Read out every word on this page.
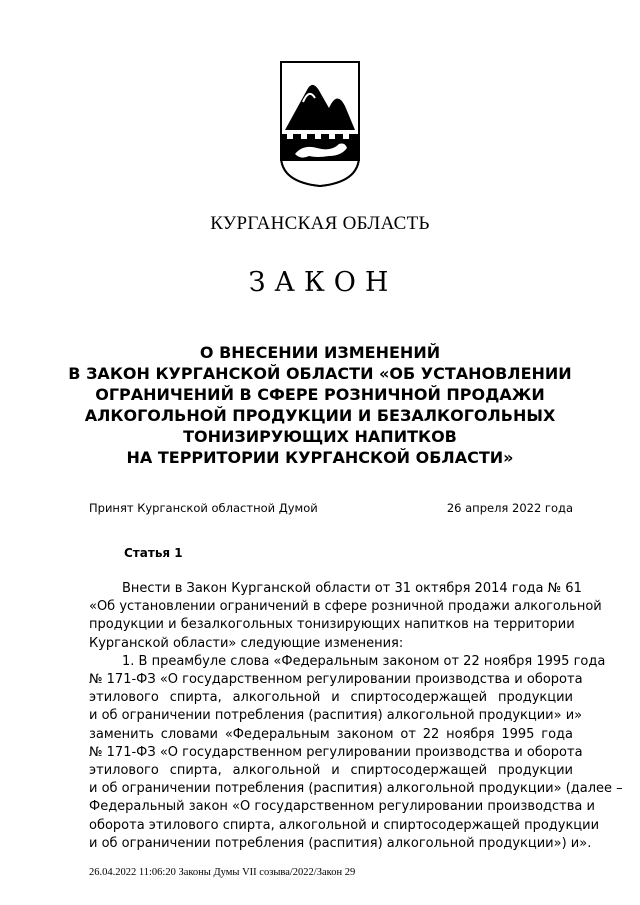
КУРГАНСКАЯ ОБЛАСТЬ
ЗАКОН
О ВНЕСЕНИИ ИЗМЕНЕНИЙ
В ЗАКОН КУРГАНСКОЙ ОБЛАСТИ «ОБ УСТАНОВЛЕНИИ
ОГРАНИЧЕНИЙ В СФЕРЕ РОЗНИЧНОЙ ПРОДАЖИ
АЛКОГОЛЬНОЙ ПРОДУКЦИИ И БЕЗАЛКОГОЛЬНЫХ
ТОНИЗИРУЮЩИХ НАПИТКОВ
НА ТЕРРИТОРИИ КУРГАНСКОЙ ОБЛАСТИ»
Принят Курганской областной Думой	26 апреля 2022 года
Статья 1
Внести в Закон Курганской области от 31 октября 2014 года № 61
«Об установлении ограничений в сфере розничной продажи алкогольной
продукции и безалкогольных тонизирующих напитков на территории
Курганской области» следующие изменения:
1. В преамбуле слова «Федеральным законом от 22 ноября 1995 года
№ 171-ФЗ «О государственном регулировании производства и оборота
этилового спирта, алкогольной и спиртосодержащей продукции
и об ограничении потребления (распития) алкогольной продукции» и»
заменить словами «Федеральным законом от 22 ноября 1995 года
№ 171-ФЗ «О государственном регулировании производства и оборота
этилового спирта, алкогольной и спиртосодержащей продукции
и об ограничении потребления (распития) алкогольной продукции» (далее –
Федеральный закон «О государственном регулировании производства и
оборота этилового спирта, алкогольной и спиртосодержащей продукции
и об ограничении потребления (распития) алкогольной продукции») и».
26.04.2022 11:06:20 Законы Думы VII созыва/2022/Закон 29
